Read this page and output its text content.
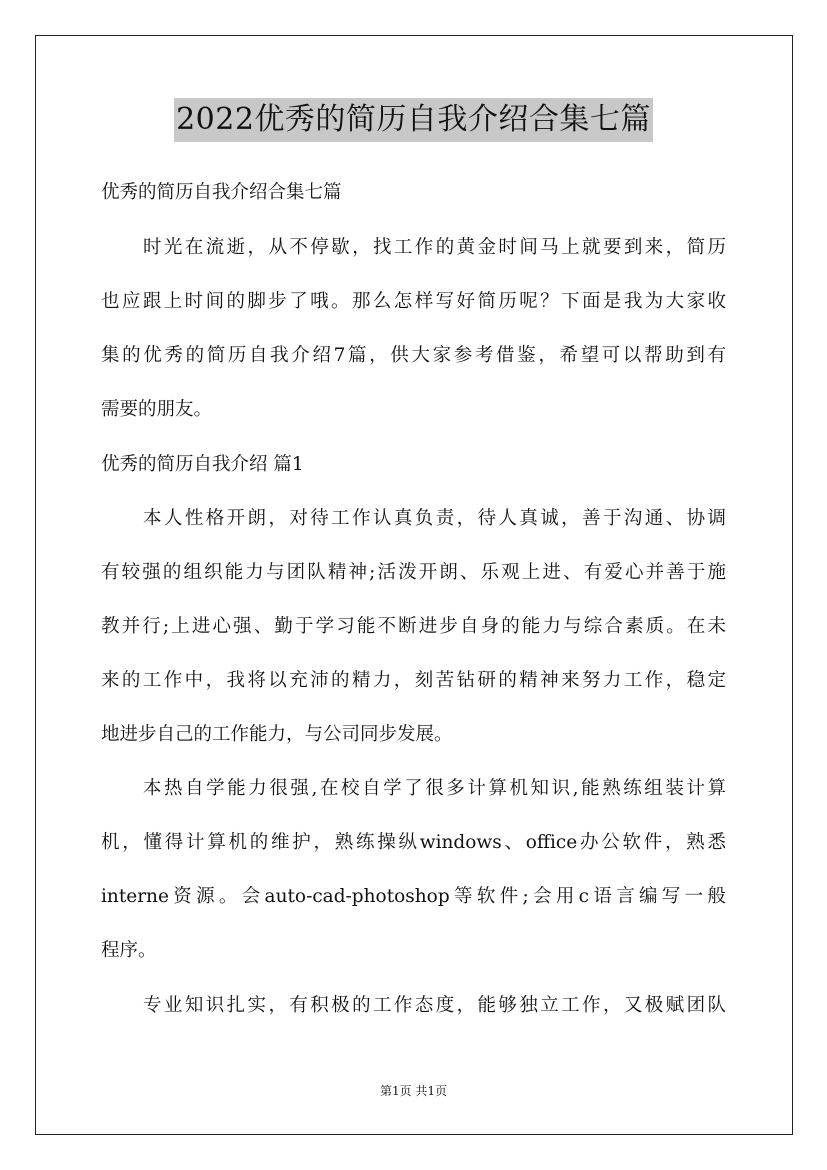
2022优秀的简历自我介绍合集七篇
优秀的简历自我介绍合集七篇
时光在流逝，从不停歇，找工作的黄金时间马上就要到来，简历
也应跟上时间的脚步了哦。那么怎样写好简历呢？下面是我为大家收
集的优秀的简历自我介绍7篇，供大家参考借鉴，希望可以帮助到有
需要的朋友。
优秀的简历自我介绍 篇1
本人性格开朗，对待工作认真负责，待人真诚，善于沟通、协调
有较强的组织能力与团队精神;活泼开朗、乐观上进、有爱心并善于施
教并行;上进心强、勤于学习能不断进步自身的能力与综合素质。在未
来的工作中，我将以充沛的精力，刻苦钻研的精神来努力工作，稳定
地进步自己的工作能力，与公司同步发展。
本热自学能力很强,在校自学了很多计算机知识,能熟练组装计算
机，懂得计算机的维护，熟练操纵windows、office办公软件，熟悉
interne资源。会auto-cad-photoshop等软件;会用c语言编写一般
程序。
专业知识扎实，有积极的工作态度，能够独立工作，又极赋团队
第1页 共1页
